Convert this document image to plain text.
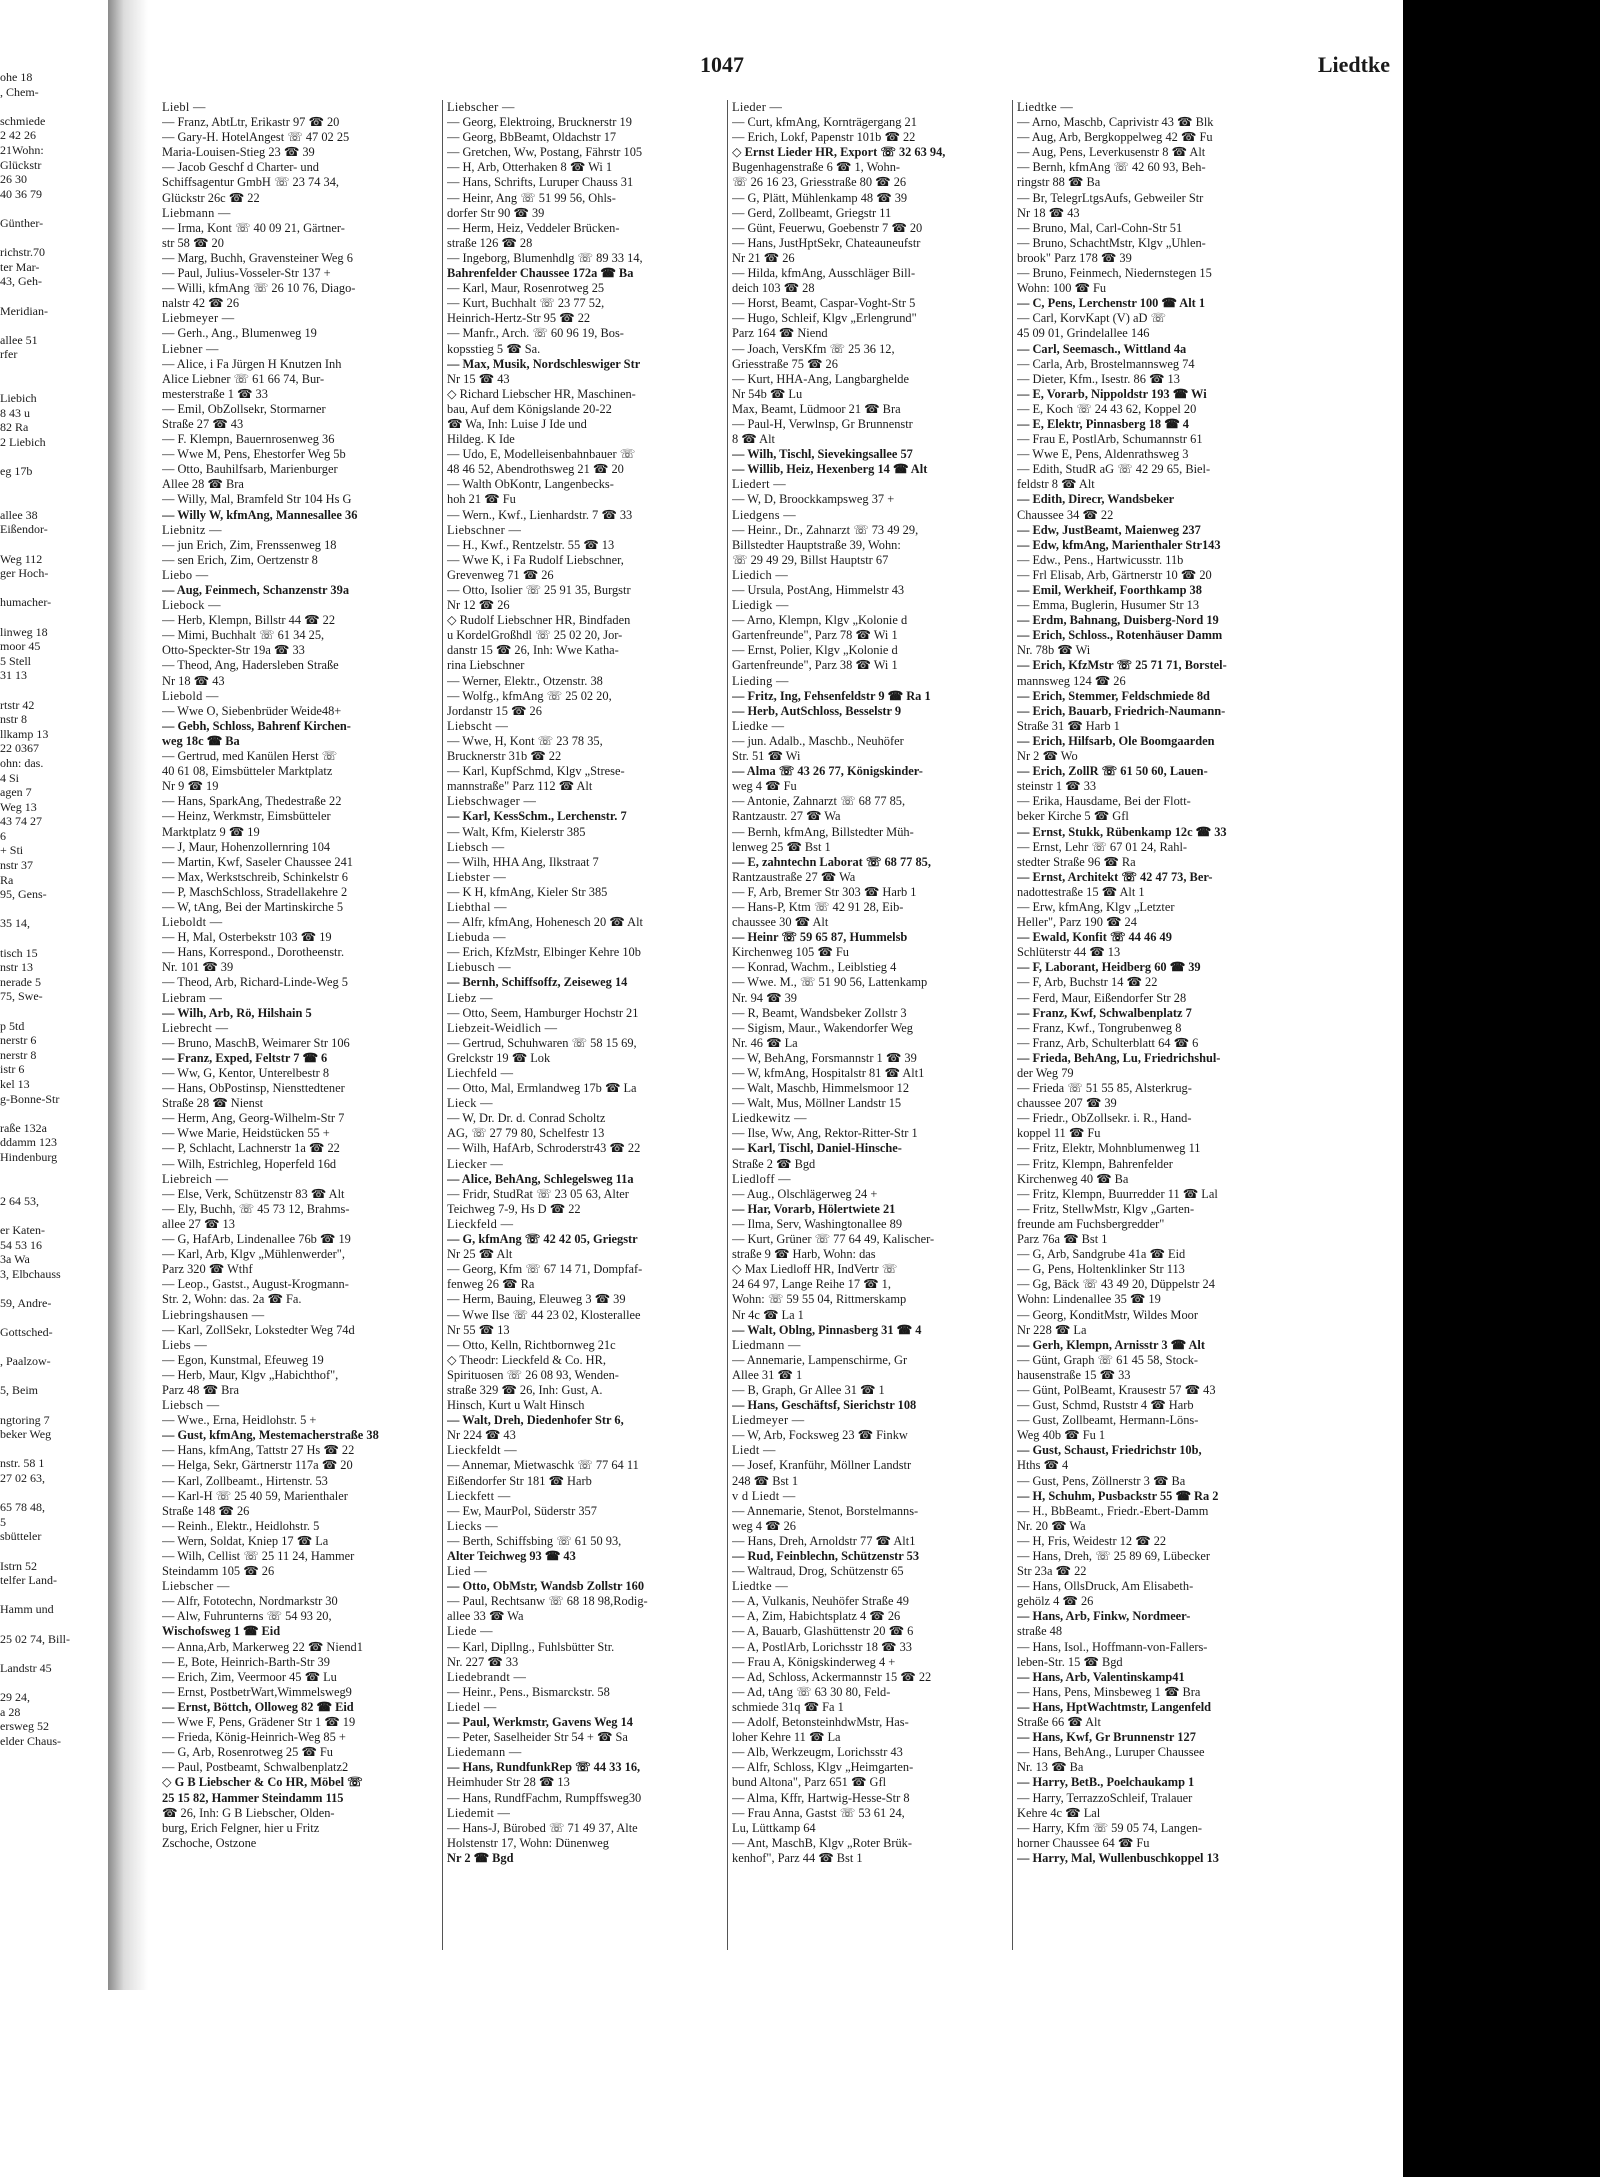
ohe 18
, Chem-
schmiede
2 42 26
21Wohn:
Glückstr
26 30
40 36 79
Günther-
richstr.70
ter Mar-
43, Geh-
Meridian-
allee 51
rfer
Liebich
8 43 u
82 Ra
2 Liebich
eg 17b
allee 38
Eißendor-
Weg 112
ger Hoch-
humacher-
linweg 18
moor 45
5 Stell
31 13
rtstr 42
nstr 8
llkamp 13
22 0367
ohn: das.
4 Si
agen 7
Weg 13
43 74 27
6
+ Sti
nstr 37
Ra
95, Gens-
35 14,
tisch 15
nstr 13
nerade 5
75, Swe-
p 5td
nerstr 6
nerstr 8
istr 6
kel 13
g-Bonne-Str
raße 132a
ddamm 123
Hindenburg
2 64 53,
er Katen-
54 53 16
3a Wa
3, Elbchauss
59, Andre-
Gottsched-
, Paalzow-
5, Beim
ngtoring 7
beker Weg
nstr. 58 1
27 02 63,
65 78 48,
5
sbütteler
Istrn 52
telfer Land-
Hamm und
25 02 74, Bill-
Landstr 45
29 24,
a 28
ersweg 52
elder Chaus-
1047	Liedtke
Liebl —
— Franz, AbtLtr, Erikastr 97 ☎ 20
— Gary-H. HotelAngest ☏ 47 02 25
Maria-Louisen-Stieg 23 ☎ 39
— Jacob Geschf d Charter- und
Schiffsagentur GmbH ☏ 23 74 34,
Glückstr 26c ☎ 22
Liebmann —
— Irma, Kont ☏ 40 09 21, Gärtner-
str 58 ☎ 20
— Marg, Buchh, Gravensteiner Weg 6
— Paul, Julius-Vosseler-Str 137 +
— Willi, kfmAng ☏ 26 10 76, Diago-
nalstr 42 ☎ 26
Liebmeyer —
— Gerh., Ang., Blumenweg 19
Liebner —
— Alice, i Fa Jürgen H Knutzen Inh
Alice Liebner ☏ 61 66 74, Bur-
mesterstraße 1 ☎ 33
— Emil, ObZollsekr, Stormarner
Straße 27 ☎ 43
— F. Klempn, Bauernrosenweg 36
— Wwe M, Pens, Ehestorfer Weg 5b
— Otto, Bauhilfsarb, Marienburger
Allee 28 ☎ Bra
— Willy, Mal, Bramfeld Str 104 Hs G
— Willy W, kfmAng, Mannesallee 36
Liebnitz —
— jun Erich, Zim, Frenssenweg 18
— sen Erich, Zim, Oertzenstr 8
Liebo —
— Aug, Feinmech, Schanzenstr 39a
Liebock —
— Herb, Klempn, Billstr 44 ☎ 22
— Mimi, Buchhalt ☏ 61 34 25,
Otto-Speckter-Str 19a ☎ 33
— Theod, Ang, Hadersleben Straße
Nr 18 ☎ 43
Liebold —
— Wwe O, Siebenbrüder Weide48+
— Gebh, Schloss, Bahrenf Kirchen-
weg 18c ☎ Ba
— Gertrud, med Kanülen Herst ☏
40 61 08, Eimsbütteler Marktplatz
Nr 9 ☎ 19
— Hans, SparkAng, Thedestraße 22
— Heinz, Werkmstr, Eimsbütteler
Marktplatz 9 ☎ 19
— J, Maur, Hohenzollernring 104
— Martin, Kwf, Saseler Chaussee 241
— Max, Werkstschreib, Schinkelstr 6
— P, MaschSchloss, Stradellakehre 2
— W, tAng, Bei der Martinskirche 5
Lieboldt —
— H, Mal, Osterbekstr 103 ☎ 19
— Hans, Korrespond., Dorotheenstr.
Nr. 101 ☎ 39
— Theod, Arb, Richard-Linde-Weg 5
Liebram —
— Wilh, Arb, Rö, Hilshain 5
Liebrecht —
— Bruno, MaschB, Weimarer Str 106
— Franz, Exped, Feltstr 7 ☎ 6
— Ww, G, Kentor, Unterelbestr 8
— Hans, ObPostinsp, Niensttedtener
Straße 28 ☎ Nienst
— Herm, Ang, Georg-Wilhelm-Str 7
— Wwe Marie, Heidstücken 55 +
— P, Schlacht, Lachnerstr 1a ☎ 22
— Wilh, Estrichleg, Hoperfeld 16d
Liebreich —
— Else, Verk, Schützenstr 83 ☎ Alt
— Ely, Buchh, ☏ 45 73 12, Brahms-
allee 27 ☎ 13
— G, HafArb, Lindenallee 76b ☎ 19
— Karl, Arb, Klgv „Mühlenwerder",
Parz 320 ☎ Wthf
— Leop., Gastst., August-Krogmann-
Str. 2, Wohn: das. 2a ☎ Fa.
Liebringshausen —
— Karl, ZollSekr, Lokstedter Weg 74d
Liebs —
— Egon, Kunstmal, Efeuweg 19
— Herb, Maur, Klgv „Habichthof",
Parz 48 ☎ Bra
Liebsch —
— Wwe., Erna, Heidlohstr. 5 +
— Gust, kfmAng, Mestemacherstraße 38
— Hans, kfmAng, Tattstr 27 Hs ☎ 22
— Helga, Sekr, Gärtnerstr 117a ☎ 20
— Karl, Zollbeamt., Hirtenstr. 53
— Karl-H ☏ 25 40 59, Marienthaler
Straße 148 ☎ 26
— Reinh., Elektr., Heidlohstr. 5
— Wern, Soldat, Kniep 17 ☎ La
— Wilh, Cellist ☏ 25 11 24, Hammer
Steindamm 105 ☎ 26
Liebscher —
— Alfr, Fototechn, Nordmarkstr 30
— Alw, Fuhrunterns ☏ 54 93 20,
Wischofsweg 1 ☎ Eid
— Anna,Arb, Markerweg 22 ☎ Niend1
— E, Bote, Heinrich-Barth-Str 39
— Erich, Zim, Veermoor 45 ☎ Lu
— Ernst, PostbetrWart,Wimmelsweg9
— Ernst, Böttch, Olloweg 82 ☎ Eid
— Wwe F, Pens, Grädener Str 1 ☎ 19
— Frieda, König-Heinrich-Weg 85 +
— G, Arb, Rosenrotweg 25 ☎ Fu
— Paul, Postbeamt, Schwalbenplatz2
◇ G B Liebscher & Co HR, Möbel ☏
25 15 82, Hammer Steindamm 115
☎ 26, Inh: G B Liebscher, Olden-
burg, Erich Felgner, hier u Fritz
Zschoche, Ostzone
Liebscher —
— Georg, Elektroing, Brucknerstr 19
— Georg, BbBeamt, Oldachstr 17
— Gretchen, Ww, Postang, Fährstr 105
— H, Arb, Otterhaken 8 ☎ Wi 1
— Hans, Schrifts, Luruper Chauss 31
— Heinr, Ang ☏ 51 99 56, Ohls-
dorfer Str 90 ☎ 39
— Herm, Heiz, Veddeler Brücken-
straße 126 ☎ 28
— Ingeborg, Blumenhdlg ☏ 89 33 14,
Bahrenfelder Chaussee 172a ☎ Ba
— Karl, Maur, Rosenrotweg 25
— Kurt, Buchhalt ☏ 23 77 52,
Heinrich-Hertz-Str 95 ☎ 22
— Manfr., Arch. ☏ 60 96 19, Bos-
kopsstieg 5 ☎ Sa.
— Max, Musik, Nordschleswiger Str
Nr 15 ☎ 43
◇ Richard Liebscher HR, Maschinen-
bau, Auf dem Königslande 20-22
☎ Wa, Inh: Luise J Ide und
Hildeg. K Ide
— Udo, E, Modelleisenbahnbauer ☏
48 46 52, Abendrothsweg 21 ☎ 20
— Walth ObKontr, Langenbecks-
hoh 21 ☎ Fu
— Wern., Kwf., Lienhardstr. 7 ☎ 33
Liebschner —
— H., Kwf., Rentzelstr. 55 ☎ 13
— Wwe K, i Fa Rudolf Liebschner,
Grevenweg 71 ☎ 26
— Otto, Isolier ☏ 25 91 35, Burgstr
Nr 12 ☎ 26
◇ Rudolf Liebschner HR, Bindfaden
u KordelGroßhdl ☏ 25 02 20, Jor-
danstr 15 ☎ 26, Inh: Wwe Katha-
rina Liebschner
— Werner, Elektr., Otzenstr. 38
— Wolfg., kfmAng ☏ 25 02 20,
Jordanstr 15 ☎ 26
Liebscht —
— Wwe, H, Kont ☏ 23 78 35,
Brucknerstr 31b ☎ 22
— Karl, KupfSchmd, Klgv „Strese-
mannstraße" Parz 112 ☎ Alt
Liebschwager —
— Karl, KessSchm., Lerchenstr. 7
— Walt, Kfm, Kielerstr 385
Liebsch —
— Wilh, HHA Ang, Ilkstraat 7
Liebster —
— K H, kfmAng, Kieler Str 385
Liebthal —
— Alfr, kfmAng, Hohenesch 20 ☎ Alt
Liebuda —
— Erich, KfzMstr, Elbinger Kehre 10b
Liebusch —
— Bernh, Schiffsoffz, Zeiseweg 14
Liebz —
— Otto, Seem, Hamburger Hochstr 21
Liebzeit-Weidlich —
— Gertrud, Schuhwaren ☏ 58 15 69,
Grelckstr 19 ☎ Lok
Liechfeld —
— Otto, Mal, Ermlandweg 17b ☎ La
Lieck —
— W, Dr. Dr. d. Conrad Scholtz
AG, ☏ 27 79 80, Schelfestr 13
— Wilh, HafArb, Schroderstr43 ☎ 22
Liecker —
— Alice, BehAng, Schlegelsweg 11a
— Fridr, StudRat ☏ 23 05 63, Alter
Teichweg 7-9, Hs D ☎ 22
Lieckfeld —
— G, kfmAng ☏ 42 42 05, Griegstr
Nr 25 ☎ Alt
— Georg, Kfm ☏ 67 14 71, Dompfaf-
fenweg 26 ☎ Ra
— Herm, Bauing, Eleuweg 3 ☎ 39
— Wwe Ilse ☏ 44 23 02, Klosterallee
Nr 55 ☎ 13
— Otto, Kelln, Richtbornweg 21c
◇ Theodr: Lieckfeld & Co. HR,
Spirituosen ☏ 26 08 93, Wenden-
straße 329 ☎ 26, Inh: Gust, A.
Hinsch, Kurt u Walt Hinsch
— Walt, Dreh, Diedenhofer Str 6,
Nr 224 ☎ 43
Lieckfeldt —
— Annemar, Mietwaschk ☏ 77 64 11
Eißendorfer Str 181 ☎ Harb
Lieckfett —
— Ew, MaurPol, Süderstr 357
Liecks —
— Berth, Schiffsbing ☏ 61 50 93,
Alter Teichweg 93 ☎ 43
Lied —
— Otto, ObMstr, Wandsb Zollstr 160
— Paul, Rechtsanw ☏ 68 18 98,Rodig-
allee 33 ☎ Wa
Liede —
— Karl, Dipllng., Fuhlsbütter Str.
Nr. 227 ☎ 33
Liedebrandt —
— Heinr., Pens., Bismarckstr. 58
Liedel —
— Paul, Werkmstr, Gavens Weg 14
— Peter, Saselheider Str 54 + ☎ Sa
Liedemann —
— Hans, RundfunkRep ☏ 44 33 16,
Heimhuder Str 28 ☎ 13
— Hans, RundfFachm, Rumpffsweg30
Liedemit —
— Hans-J, Bürobed ☏ 71 49 37, Alte
Holstenstr 17, Wohn: Dünenweg
Nr 2 ☎ Bgd
Lieder —
— Curt, kfmAng, Kornträgergang 21
— Erich, Lokf, Papenstr 101b ☎ 22
◇ Ernst Lieder HR, Export ☏ 32 63 94,
Bugenhagenstraße 6 ☎ 1, Wohn-
☏ 26 16 23, Griesstraße 80 ☎ 26
— G, Plätt, Mühlenkamp 48 ☎ 39
— Gerd, Zollbeamt, Griegstr 11
— Günt, Feuerwu, Goebenstr 7 ☎ 20
— Hans, JustHptSekr, Chateauneufstr
Nr 21 ☎ 26
— Hilda, kfmAng, Ausschläger Bill-
deich 103 ☎ 28
— Horst, Beamt, Caspar-Voght-Str 5
— Hugo, Schleif, Klgv „Erlengrund"
Parz 164 ☎ Niend
— Joach, VersKfm ☏ 25 36 12,
Griesstraße 75 ☎ 26
— Kurt, HHA-Ang, Langbarghelde
Nr 54b ☎ Lu
Max, Beamt, Lüdmoor 21 ☎ Bra
— Paul-H, Verwlnsp, Gr Brunnenstr
8 ☎ Alt
— Wilh, Tischl, Sievekingsallee 57
— Willib, Heiz, Hexenberg 14 ☎ Alt
Liedert —
— W, D, Broockkampsweg 37 +
Liedgens —
— Heinr., Dr., Zahnarzt ☏ 73 49 29,
Billstedter Hauptstraße 39, Wohn:
☏ 29 49 29, Billst Hauptstr 67
Liedich —
— Ursula, PostAng, Himmelstr 43
Liedigk —
— Arno, Klempn, Klgv „Kolonie d
Gartenfreunde", Parz 78 ☎ Wi 1
— Ernst, Polier, Klgv „Kolonie d
Gartenfreunde", Parz 38 ☎ Wi 1
Lieding —
— Fritz, Ing, Fehsenfeldstr 9 ☎ Ra 1
— Herb, AutSchloss, Besselstr 9
Liedke —
— jun. Adalb., Maschb., Neuhöfer
Str. 51 ☎ Wi
— Alma ☏ 43 26 77, Königskinder-
weg 4 ☎ Fu
— Antonie, Zahnarzt ☏ 68 77 85,
Rantzaustr. 27 ☎ Wa
— Bernh, kfmAng, Billstedter Müh-
lenweg 25 ☎ Bst 1
— E, zahntechn Laborat ☏ 68 77 85,
Rantzaustraße 27 ☎ Wa
— F, Arb, Bremer Str 303 ☎ Harb 1
— Hans-P, Ktm ☏ 42 91 28, Eib-
chaussee 30 ☎ Alt
— Heinr ☏ 59 65 87, Hummelsb
Kirchenweg 105 ☎ Fu
— Konrad, Wachm., Leiblstieg 4
— Wwe. M., ☏ 51 90 56, Lattenkamp
Nr. 94 ☎ 39
— R, Beamt, Wandsbeker Zollstr 3
— Sigism, Maur., Wakendorfer Weg
Nr. 46 ☎ La
— W, BehAng, Forsmannstr 1 ☎ 39
— W, kfmAng, Hospitalstr 81 ☎ Alt1
— Walt, Maschb, Himmelsmoor 12
— Walt, Mus, Möllner Landstr 15
Liedkewitz —
— Ilse, Ww, Ang, Rektor-Ritter-Str 1
— Karl, Tischl, Daniel-Hinsche-
Straße 2 ☎ Bgd
Liedloff —
— Aug., Olschlägerweg 24 +
— Har, Vorarb, Hölertwiete 21
— Ilma, Serv, Washingtonallee 89
— Kurt, Grüner ☏ 77 64 49, Kalischer-
straße 9 ☎ Harb, Wohn: das
◇ Max Liedloff HR, IndVertr ☏
24 64 97, Lange Reihe 17 ☎ 1,
Wohn: ☏ 59 55 04, Rittmerskamp
Nr 4c ☎ La 1
— Walt, Oblng, Pinnasberg 31 ☎ 4
Liedmann —
— Annemarie, Lampenschirme, Gr
Allee 31 ☎ 1
— B, Graph, Gr Allee 31 ☎ 1
— Hans, Geschäftsf, Sierichstr 108
Liedmeyer —
— W, Arb, Focksweg 23 ☎ Finkw
Liedt —
— Josef, Kranführ, Möllner Landstr
248 ☎ Bst 1
v d Liedt —
— Annemarie, Stenot, Borstelmanns-
weg 4 ☎ 26
— Hans, Dreh, Arnoldstr 77 ☎ Alt1
— Rud, Feinblechn, Schützenstr 53
— Waltraud, Drog, Schützenstr 65
Liedtke —
— A, Vulkanis, Neuhöfer Straße 49
— A, Zim, Habichtsplatz 4 ☎ 26
— A, Bauarb, Glashüttenstr 20 ☎ 6
— A, PostlArb, Lorichsstr 18 ☎ 33
— Frau A, Königskinderweg 4 +
— Ad, Schloss, Ackermannstr 15 ☎ 22
— Ad, tAng ☏ 63 30 80, Feld-
schmiede 31q ☎ Fa 1
— Adolf, BetonsteinhdwMstr, Has-
loher Kehre 11 ☎ La
— Alb, Werkzeugm, Lorichsstr 43
— Alfr, Schloss, Klgv „Heimgarten-
bund Altona", Parz 651 ☎ Gfl
— Alma, Kffr, Hartwig-Hesse-Str 8
— Frau Anna, Gastst ☏ 53 61 24,
Lu, Lüttkamp 64
— Ant, MaschB, Klgv „Roter Brük-
kenhof", Parz 44 ☎ Bst 1
Liedtke —
— Arno, Maschb, Caprivistr 43 ☎ Blk
— Aug, Arb, Bergkoppelweg 42 ☎ Fu
— Aug, Pens, Leverkusenstr 8 ☎ Alt
— Bernh, kfmAng ☏ 42 60 93, Beh-
ringstr 88 ☎ Ba
— Br, TelegrLtgsAufs, Gebweiler Str
Nr 18 ☎ 43
— Bruno, Mal, Carl-Cohn-Str 51
— Bruno, SchachtMstr, Klgv „Uhlen-
brook" Parz 178 ☎ 39
— Bruno, Feinmech, Niedernstegen 15
Wohn: 100 ☎ Fu
— C, Pens, Lerchenstr 100 ☎ Alt 1
— Carl, KorvKapt (V) aD ☏
45 09 01, Grindelallee 146
— Carl, Seemasch., Wittland 4a
— Carla, Arb, Brostelmannsweg 74
— Dieter, Kfm., Isestr. 86 ☎ 13
— E, Vorarb, Nippoldstr 193 ☎ Wi
— E, Koch ☏ 24 43 62, Koppel 20
— E, Elektr, Pinnasberg 18 ☎ 4
— Frau E, PostlArb, Schumannstr 61
— Wwe E, Pens, Aldenrathsweg 3
— Edith, StudR aG ☏ 42 29 65, Biel-
feldstr 8 ☎ Alt
— Edith, Direcr, Wandsbeker
Chaussee 34 ☎ 22
— Edw, JustBeamt, Maienweg 237
— Edw, kfmAng, Marienthaler Str143
— Edw., Pens., Hartwicusstr. 11b
— Frl Elisab, Arb, Gärtnerstr 10 ☎ 20
— Emil, Werkheif, Foorthkamp 38
— Emma, Buglerin, Husumer Str 13
— Erdm, Bahnang, Duisberg-Nord 19
— Erich, Schloss., Rotenhäuser Damm
Nr. 78b ☎ Wi
— Erich, KfzMstr ☏ 25 71 71, Borstel-
mannsweg 124 ☎ 26
— Erich, Stemmer, Feldschmiede 8d
— Erich, Bauarb, Friedrich-Naumann-
Straße 31 ☎ Harb 1
— Erich, Hilfsarb, Ole Boomgaarden
Nr 2 ☎ Wo
— Erich, ZollR ☏ 61 50 60, Lauen-
steinstr 1 ☎ 33
— Erika, Hausdame, Bei der Flott-
beker Kirche 5 ☎ Gfl
— Ernst, Stukk, Rübenkamp 12c ☎ 33
— Ernst, Lehr ☏ 67 01 24, Rahl-
stedter Straße 96 ☎ Ra
— Ernst, Architekt ☏ 42 47 73, Ber-
nadottestraße 15 ☎ Alt 1
— Erw, kfmAng, Klgv „Letzter
Heller", Parz 190 ☎ 24
— Ewald, Konfit ☏ 44 46 49
Schlüterstr 44 ☎ 13
— F, Laborant, Heidberg 60 ☎ 39
— F, Arb, Buchstr 14 ☎ 22
— Ferd, Maur, Eißendorfer Str 28
— Franz, Kwf, Schwalbenplatz 7
— Franz, Kwf., Tongrubenweg 8
— Franz, Arb, Schulterblatt 64 ☎ 6
— Frieda, BehAng, Lu, Friedrichshul-
der Weg 79
— Frieda ☏ 51 55 85, Alsterkrug-
chaussee 207 ☎ 39
— Friedr., ObZollsekr. i. R., Hand-
koppel 11 ☎ Fu
— Fritz, Elektr, Mohnblumenweg 11
— Fritz, Klempn, Bahrenfelder
Kirchenweg 40 ☎ Ba
— Fritz, Klempn, Buurredder 11 ☎ Lal
— Fritz, StellwMstr, Klgv „Garten-
freunde am Fuchsbergredder"
Parz 76a ☎ Bst 1
— G, Arb, Sandgrube 41a ☎ Eid
— G, Pens, Holtenklinker Str 113
— Gg, Bäck ☏ 43 49 20, Düppelstr 24
Wohn: Lindenallee 35 ☎ 19
— Georg, KonditMstr, Wildes Moor
Nr 228 ☎ La
— Gerh, Klempn, Arnisstr 3 ☎ Alt
— Günt, Graph ☏ 61 45 58, Stock-
hausenstraße 15 ☎ 33
— Günt, PolBeamt, Krausestr 57 ☎ 43
— Gust, Schmd, Ruststr 4 ☎ Harb
— Gust, Zollbeamt, Hermann-Löns-
Weg 40b ☎ Fu 1
— Gust, Schaust, Friedrichstr 10b,
Hths ☎ 4
— Gust, Pens, Zöllnerstr 3 ☎ Ba
— H, Schuhm, Pusbackstr 55 ☎ Ra 2
— H., BbBeamt., Friedr.-Ebert-Damm
Nr. 20 ☎ Wa
— H, Fris, Weidestr 12 ☎ 22
— Hans, Dreh, ☏ 25 89 69, Lübecker
Str 23a ☎ 22
— Hans, OllsDruck, Am Elisabeth-
gehölz 4 ☎ 26
— Hans, Arb, Finkw, Nordmeer-
straße 48
— Hans, Isol., Hoffmann-von-Fallers-
leben-Str. 15 ☎ Bgd
— Hans, Arb, Valentinskamp41
— Hans, Pens, Minsbeweg 1 ☎ Bra
— Hans, HptWachtmstr, Langenfeld
Straße 66 ☎ Alt
— Hans, Kwf, Gr Brunnenstr 127
— Hans, BehAng., Luruper Chaussee
Nr. 13 ☎ Ba
— Harry, BetB., Poelchaukamp 1
— Harry, TerrazzoSchleif, Tralauer
Kehre 4c ☎ Lal
— Harry, Kfm ☏ 59 05 74, Langen-
horner Chaussee 64 ☎ Fu
— Harry, Mal, Wullenbuschkoppel 13
